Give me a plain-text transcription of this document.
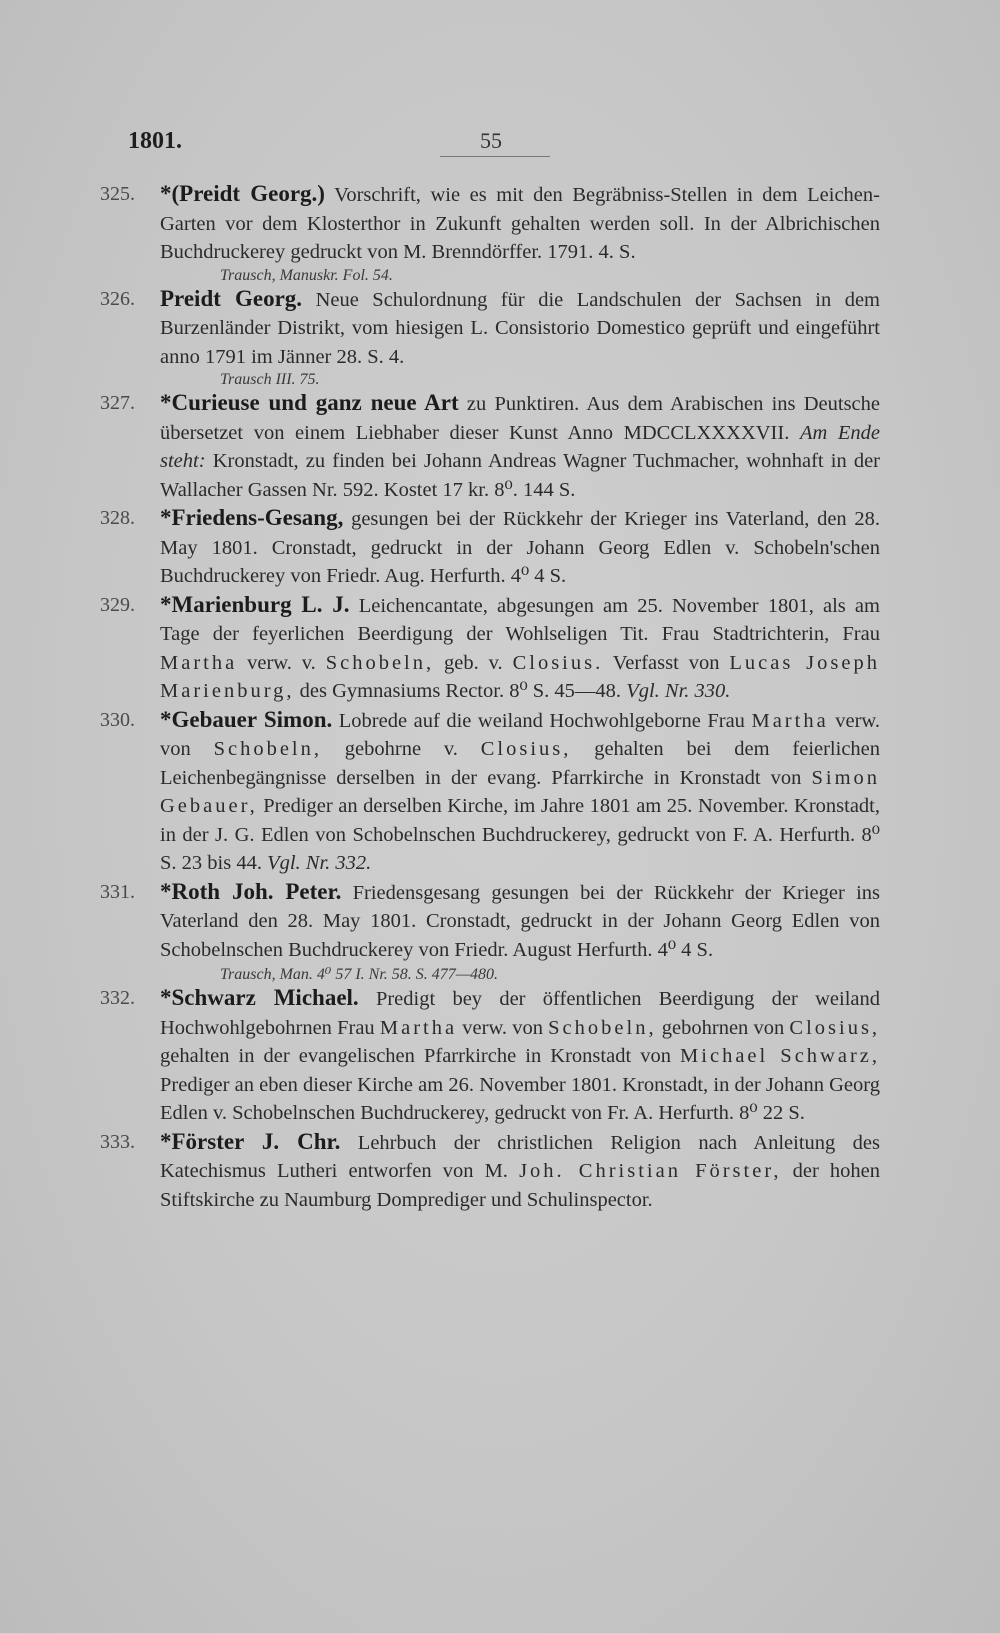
1801.	55
325.	*(Preidt Georg.) Vorschrift, wie es mit den Begräbniss-Stellen in dem Leichen-Garten vor dem Klosterthor in Zukunft gehalten werden soll. In der Albrichischen Buchdruckerey gedruckt von M. Brenndörffer. 1791. 4. S.
Trausch, Manuskr. Fol. 54.
326.	Preidt Georg. Neue Schulordnung für die Landschulen der Sachsen in dem Burzenländer Distrikt, vom hiesigen L. Consistorio Domestico geprüft und eingeführt anno 1791 im Jänner 28. S. 4.
Trausch III. 75.
327.	*Curieuse und ganz neue Art zu Punktiren. Aus dem Arabischen ins Deutsche übersetzet von einem Liebhaber dieser Kunst Anno MDCCLXXXXVII. Am Ende steht: Kronstadt, zu finden bei Johann Andreas Wagner Tuchmacher, wohnhaft in der Wallacher Gassen Nr. 592. Kostet 17 kr. 8⁰. 144 S.
328.	*Friedens-Gesang, gesungen bei der Rückkehr der Krieger ins Vaterland, den 28. May 1801. Cronstadt, gedruckt in der Johann Georg Edlen v. Schobeln'schen Buchdruckerey von Friedr. Aug. Herfurth. 4⁰ 4 S.
329.	*Marienburg L. J. Leichencantate, abgesungen am 25. November 1801, als am Tage der feyerlichen Beerdigung der Wohlseligen Tit. Frau Stadtrichterin, Frau Martha verw. v. Schobeln, geb. v. Closius. Verfasst von Lucas Joseph Marienburg, des Gymnasiums Rector. 8⁰ S. 45—48. Vgl. Nr. 330.
330.	*Gebauer Simon. Lobrede auf die weiland Hochwohlgeborne Frau Martha verw. von Schobeln, gebohrne v. Closius, gehalten bei dem feierlichen Leichenbegängnisse derselben in der evang. Pfarrkirche in Kronstadt von Simon Gebauer, Prediger an derselben Kirche, im Jahre 1801 am 25. November. Kronstadt, in der J. G. Edlen von Schobelnschen Buchdruckerey, gedruckt von F. A. Herfurth. 8⁰ S. 23 bis 44. Vgl. Nr. 332.
331.	*Roth Joh. Peter. Friedensgesang gesungen bei der Rückkehr der Krieger ins Vaterland den 28. May 1801. Cronstadt, gedruckt in der Johann Georg Edlen von Schobelnschen Buchdruckerey von Friedr. August Herfurth. 4⁰ 4 S.
Trausch, Man. 4⁰ 57 I. Nr. 58. S. 477—480.
332.	*Schwarz Michael. Predigt bey der öffentlichen Beerdigung der weiland Hochwohlgebohrnen Frau Martha verw. von Schobeln, gebohrnen von Closius, gehalten in der evangelischen Pfarrkirche in Kronstadt von Michael Schwarz, Prediger an eben dieser Kirche am 26. November 1801. Kronstadt, in der Johann Georg Edlen v. Schobelnschen Buchdruckerey, gedruckt von Fr. A. Herfurth. 8⁰ 22 S.
333.	*Förster J. Chr. Lehrbuch der christlichen Religion nach Anleitung des Katechismus Lutheri entworfen von M. Joh. Christian Förster, der hohen Stiftskirche zu Naumburg Domprediger und Schulinspector.
